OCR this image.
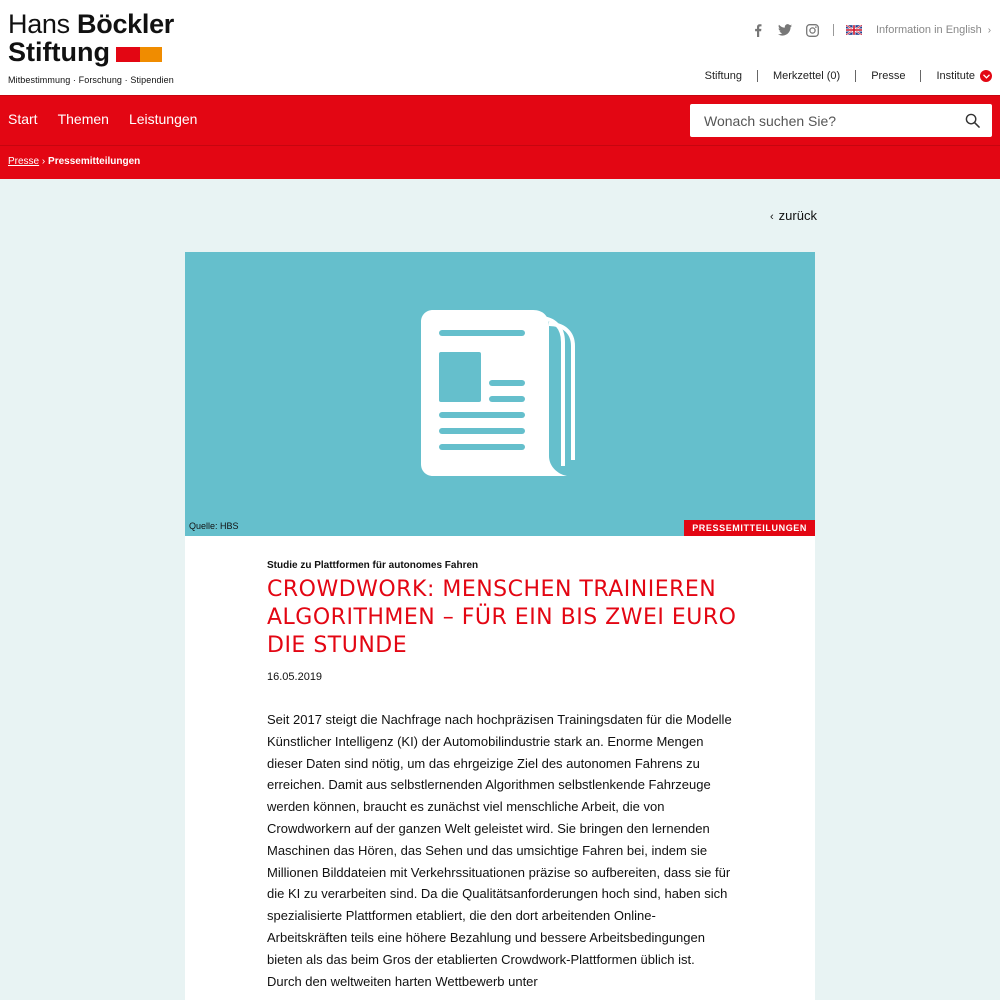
Hans Böckler
Stiftung
Mitbestimmung · Forschung · Stipendien
Information in English ›
Stiftung	Merkzettel (0)	Presse	Institute
Start Themen Leistungen
Wonach suchen Sie?
Presse › Pressemitteilungen
‹ zurück
Quelle: HBS	PRESSEMITTEILUNGEN
Studie zu Plattformen für autonomes Fahren
CROWDWORK: MENSCHEN TRAINIEREN ALGORITHMEN – FÜR EIN BIS ZWEI EURO DIE STUNDE
16.05.2019

Seit 2017 steigt die Nachfrage nach hochpräzisen Trainingsdaten für die Modelle Künstlicher Intelligenz (KI) der Automobilindustrie stark an. Enorme Mengen dieser Daten sind nötig, um das ehrgeizige Ziel des autonomen Fahrens zu erreichen. Damit aus selbstlernenden Algorithmen selbstlenkende Fahrzeuge werden können, braucht es zunächst viel menschliche Arbeit, die von Crowdworkern auf der ganzen Welt geleistet wird. Sie bringen den lernenden Maschinen das Hören, das Sehen und das umsichtige Fahren bei, indem sie Millionen Bilddateien mit Verkehrssituationen präzise so aufbereiten, dass sie für die KI zu verarbeiten sind. Da die Qualitätsanforderungen hoch sind, haben sich spezialisierte Plattformen etabliert, die den dort arbeitenden Online-Arbeitskräften teils eine höhere Bezahlung und bessere Arbeitsbedingungen bieten als das beim Gros der etablierten Crowdwork-Plattformen üblich ist. Durch den weltweiten harten Wettbewerb unter
